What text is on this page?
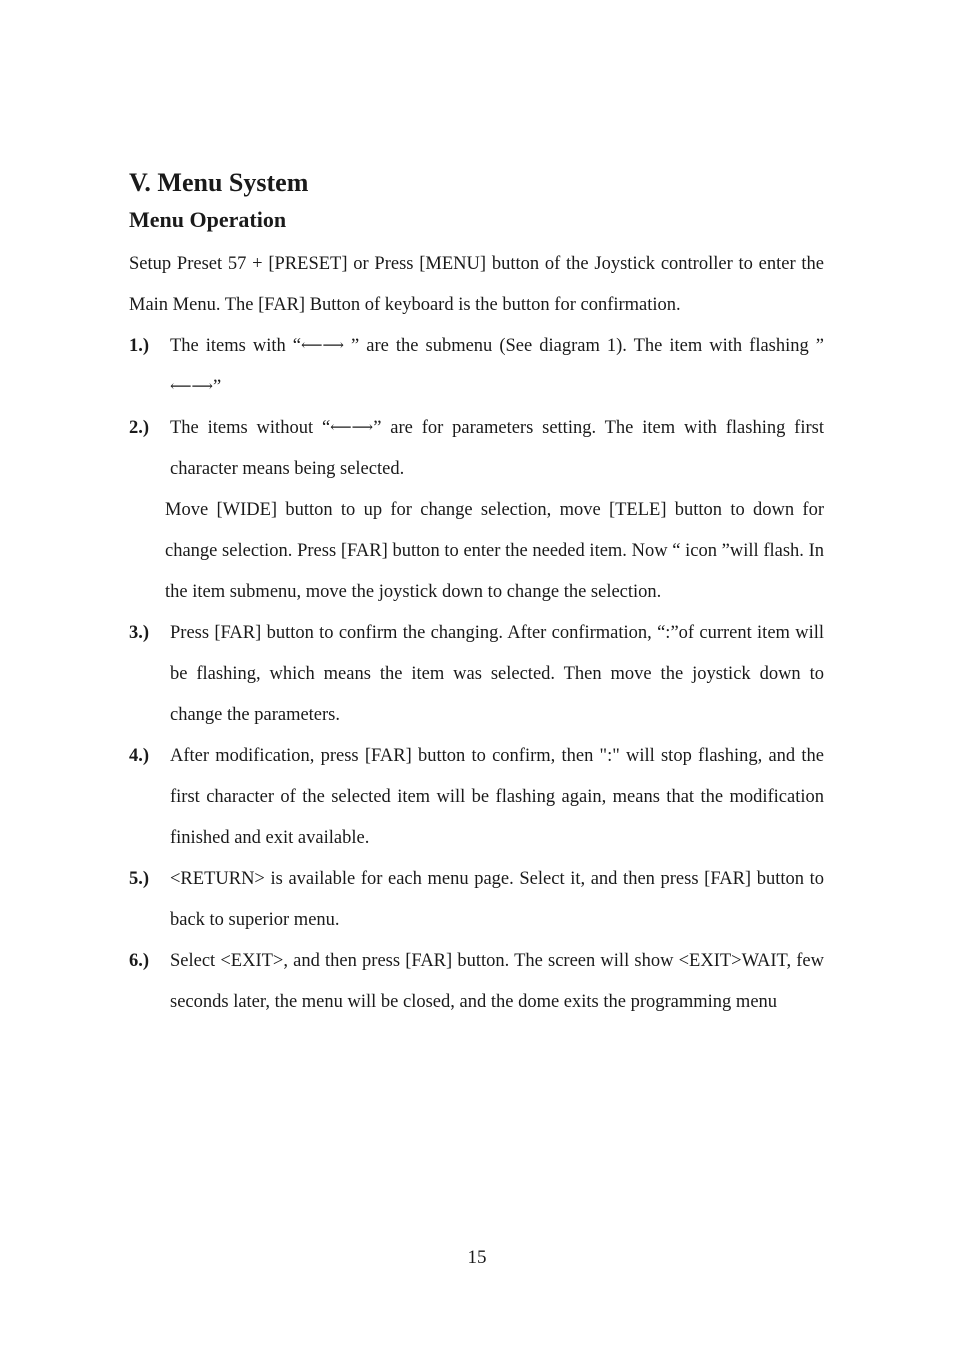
V. Menu System
Menu Operation

Setup Preset 57 + [PRESET] or Press [MENU] button of the Joystick controller to enter the Main Menu. The [FAR] Button of keyboard is the button for confirmation.

1.) The items with “⟵⟶ ” are the submenu (See diagram 1). The item with flashing ” ⟵⟶”
2.) The items without “⟵⟶” are for parameters setting. The item with flashing first character means being selected.

Move [WIDE] button to up for change selection, move [TELE] button to down for change selection. Press [FAR] button to enter the needed item. Now “ icon ”will flash. In the item submenu, move the joystick down to change the selection.

3.) Press [FAR] button to confirm the changing. After confirmation, “:”of current item will be flashing, which means the item was selected. Then move the joystick down to change the parameters.
4.) After modification, press [FAR] button to confirm, then ":" will stop flashing, and the first character of the selected item will be flashing again, means that the modification finished and exit available.
5.) <RETURN> is available for each menu page. Select it, and then press [FAR] button to back to superior menu.
6.) Select <EXIT>, and then press [FAR] button. The screen will show <EXIT>WAIT, few seconds later, the menu will be closed, and the dome exits the programming menu
15
